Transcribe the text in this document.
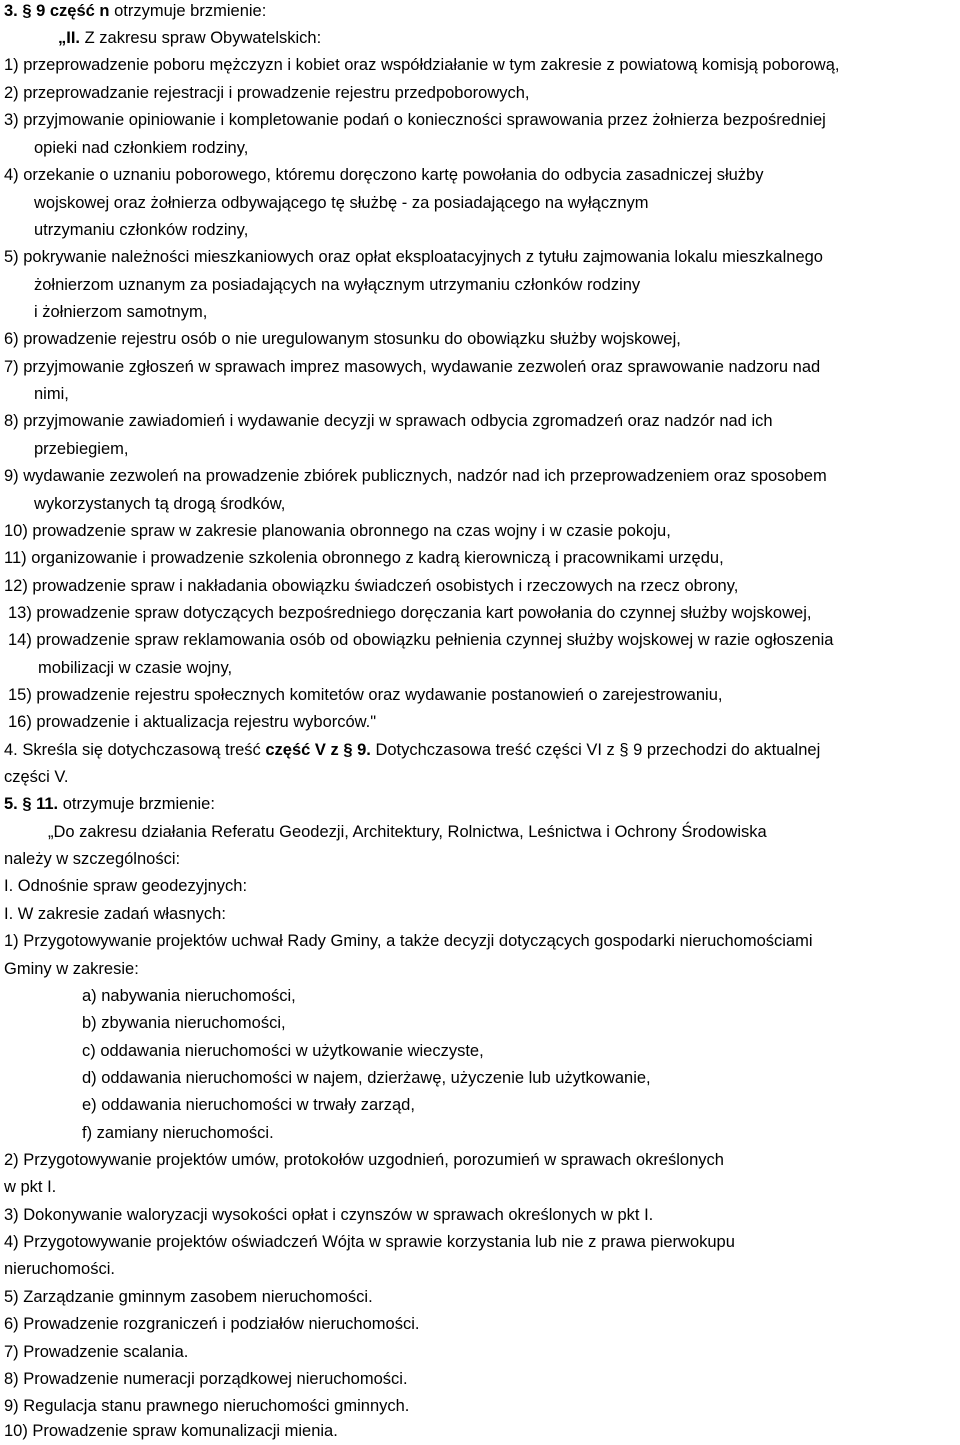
3. § 9 część n otrzymuje brzmienie:
„II. Z zakresu spraw Obywatelskich:
1) przeprowadzenie poboru mężczyzn i kobiet oraz współdziałanie w tym zakresie z powiatową komisją poborową,
2) przeprowadzanie rejestracji i prowadzenie rejestru przedpoborowych,
3) przyjmowanie opiniowanie i kompletowanie podań o konieczności sprawowania przez żołnierza bezpośredniej
opieki nad członkiem rodziny,
4) orzekanie o uznaniu poborowego, któremu doręczono kartę powołania do odbycia zasadniczej służby
wojskowej oraz żołnierza odbywającego tę służbę - za posiadającego na wyłącznym
utrzymaniu członków rodziny,
5) pokrywanie należności mieszkaniowych oraz opłat eksploatacyjnych z tytułu zajmowania lokalu mieszkalnego
żołnierzom uznanym za posiadających na wyłącznym utrzymaniu członków rodziny
i żołnierzom samotnym,
6) prowadzenie rejestru osób o nie uregulowanym stosunku do obowiązku służby wojskowej,
7) przyjmowanie zgłoszeń w sprawach imprez masowych, wydawanie zezwoleń oraz sprawowanie nadzoru nad
nimi,
8) przyjmowanie zawiadomień i wydawanie decyzji w sprawach odbycia zgromadzeń oraz nadzór nad ich
przebiegiem,
9) wydawanie zezwoleń na prowadzenie zbiórek publicznych, nadzór nad ich przeprowadzeniem oraz sposobem
wykorzystanych tą drogą środków,
10) prowadzenie spraw w zakresie planowania obronnego na czas wojny i w czasie pokoju,
11) organizowanie i prowadzenie szkolenia obronnego z kadrą kierowniczą i pracownikami urzędu,
12) prowadzenie spraw i nakładania obowiązku świadczeń osobistych i rzeczowych na rzecz obrony,
13) prowadzenie spraw dotyczących bezpośredniego doręczania kart powołania do czynnej służby wojskowej,
14) prowadzenie spraw reklamowania osób od obowiązku pełnienia czynnej służby wojskowej w razie ogłoszenia
mobilizacji w czasie wojny,
15) prowadzenie rejestru społecznych komitetów oraz wydawanie postanowień o zarejestrowaniu,
16) prowadzenie i aktualizacja rejestru wyborców."
4. Skreśla się dotychczasową treść część V z § 9. Dotychczasowa treść części VI z § 9 przechodzi do aktualnej
części V.
5. § 11. otrzymuje brzmienie:
„Do zakresu działania Referatu Geodezji, Architektury, Rolnictwa, Leśnictwa i Ochrony Środowiska
należy w szczególności:
I. Odnośnie spraw geodezyjnych:
I. W zakresie zadań własnych:
1) Przygotowywanie projektów uchwał Rady Gminy, a także decyzji dotyczących gospodarki nieruchomościami
Gminy w zakresie:
a) nabywania nieruchomości,
b) zbywania nieruchomości,
c) oddawania nieruchomości w użytkowanie wieczyste,
d) oddawania nieruchomości w najem, dzierżawę, użyczenie lub użytkowanie,
e) oddawania nieruchomości w trwały zarząd,
f) zamiany nieruchomości.
2) Przygotowywanie projektów umów, protokołów uzgodnień, porozumień w sprawach określonych
w pkt I.
3) Dokonywanie waloryzacji wysokości opłat i czynszów w sprawach określonych w pkt I.
4) Przygotowywanie projektów oświadczeń Wójta w sprawie korzystania lub nie z prawa pierwokupu
nieruchomości.
5) Zarządzanie gminnym zasobem nieruchomości.
6) Prowadzenie rozgraniczeń i podziałów nieruchomości.
7) Prowadzenie scalania.
8) Prowadzenie numeracji porządkowej nieruchomości.
9) Regulacja stanu prawnego nieruchomości gminnych.
10) Prowadzenie spraw komunalizacji mienia.
